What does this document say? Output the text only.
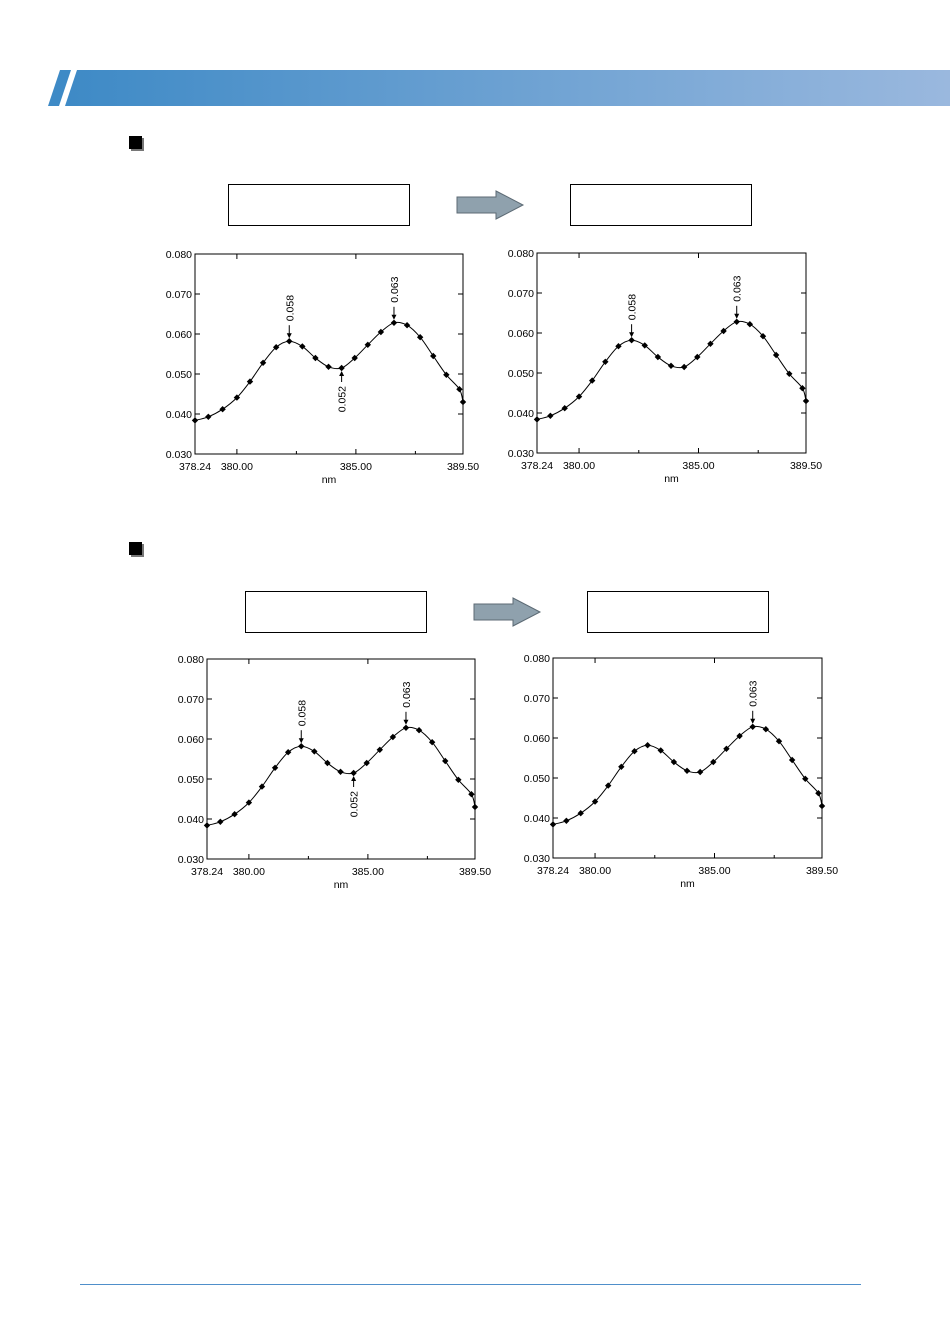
0.030
0.040
0.050
0.060
0.070
0.080
378.24 380.00	385.00	389.50
nm
0.058
0.063
0.052
0.030
0.040
0.050
0.060
0.070
0.080
378.24 380.00	385.00	389.50
nm
0.058
0.063
0.030
0.040
0.050
0.060
0.070
0.080
378.24 380.00	385.00	389.50
nm
0.058
0.063
0.052
0.030
0.040
0.050
0.060
0.070
0.080
378.24 380.00	385.00	389.50
nm
0.063
